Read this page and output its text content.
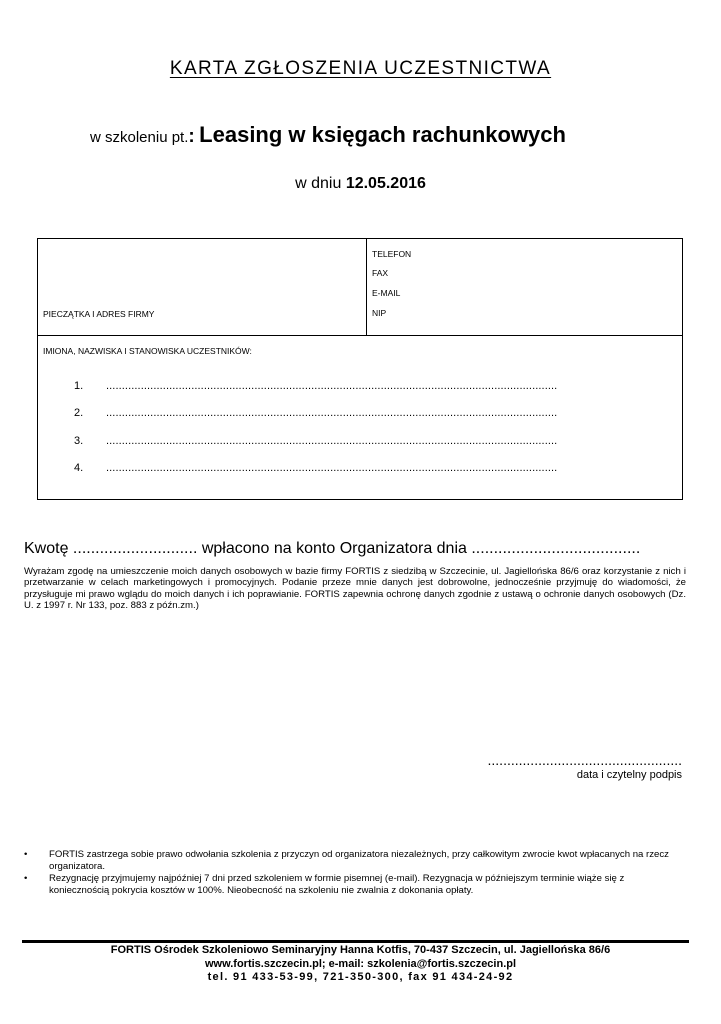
KARTA ZGŁOSZENIA UCZESTNICTWA
w szkoleniu pt.: Leasing w księgach rachunkowych
w dniu 12.05.2016
PIECZĄTKA I ADRES FIRMY
TELEFON
FAX
E-MAIL
NIP
IMIONA, NAZWISKA I STANOWISKA UCZESTNIKÓW:
1. ...............................................................................................................................................
2. ...............................................................................................................................................
3. ...............................................................................................................................................
4. ...............................................................................................................................................
Kwotę ............................ wpłacono na konto Organizatora dnia ......................................
Wyrażam zgodę na umieszczenie moich danych osobowych w bazie firmy FORTIS z siedzibą w Szczecinie, ul. Jagiellońska 86/6 oraz korzystanie z nich i przetwarzanie w celach marketingowych i promocyjnych. Podanie przeze mnie danych jest dobrowolne, jednocześnie przyjmuję do wiadomości, że przysługuje mi prawo wglądu do moich danych i ich poprawianie. FORTIS zapewnia ochronę danych zgodnie z ustawą o ochronie danych osobowych (Dz. U. z 1997 r. Nr 133, poz. 883 z późn.zm.)
..................................................
data i czytelny podpis
• FORTIS zastrzega sobie prawo odwołania szkolenia z przyczyn od organizatora niezależnych, przy całkowitym zwrocie kwot wpłacanych na rzecz organizatora.
• Rezygnację przyjmujemy najpóźniej 7 dni przed szkoleniem w formie pisemnej (e-mail). Rezygnacja w późniejszym terminie wiąże się z koniecznością pokrycia kosztów w 100%. Nieobecność na szkoleniu nie zwalnia z dokonania opłaty.
FORTIS Ośrodek Szkoleniowo Seminaryjny Hanna Kotfis, 70-437 Szczecin, ul. Jagiellońska 86/6
www.fortis.szczecin.pl; e-mail: szkolenia@fortis.szczecin.pl
tel. 91 433-53-99, 721-350-300, fax 91 434-24-92
